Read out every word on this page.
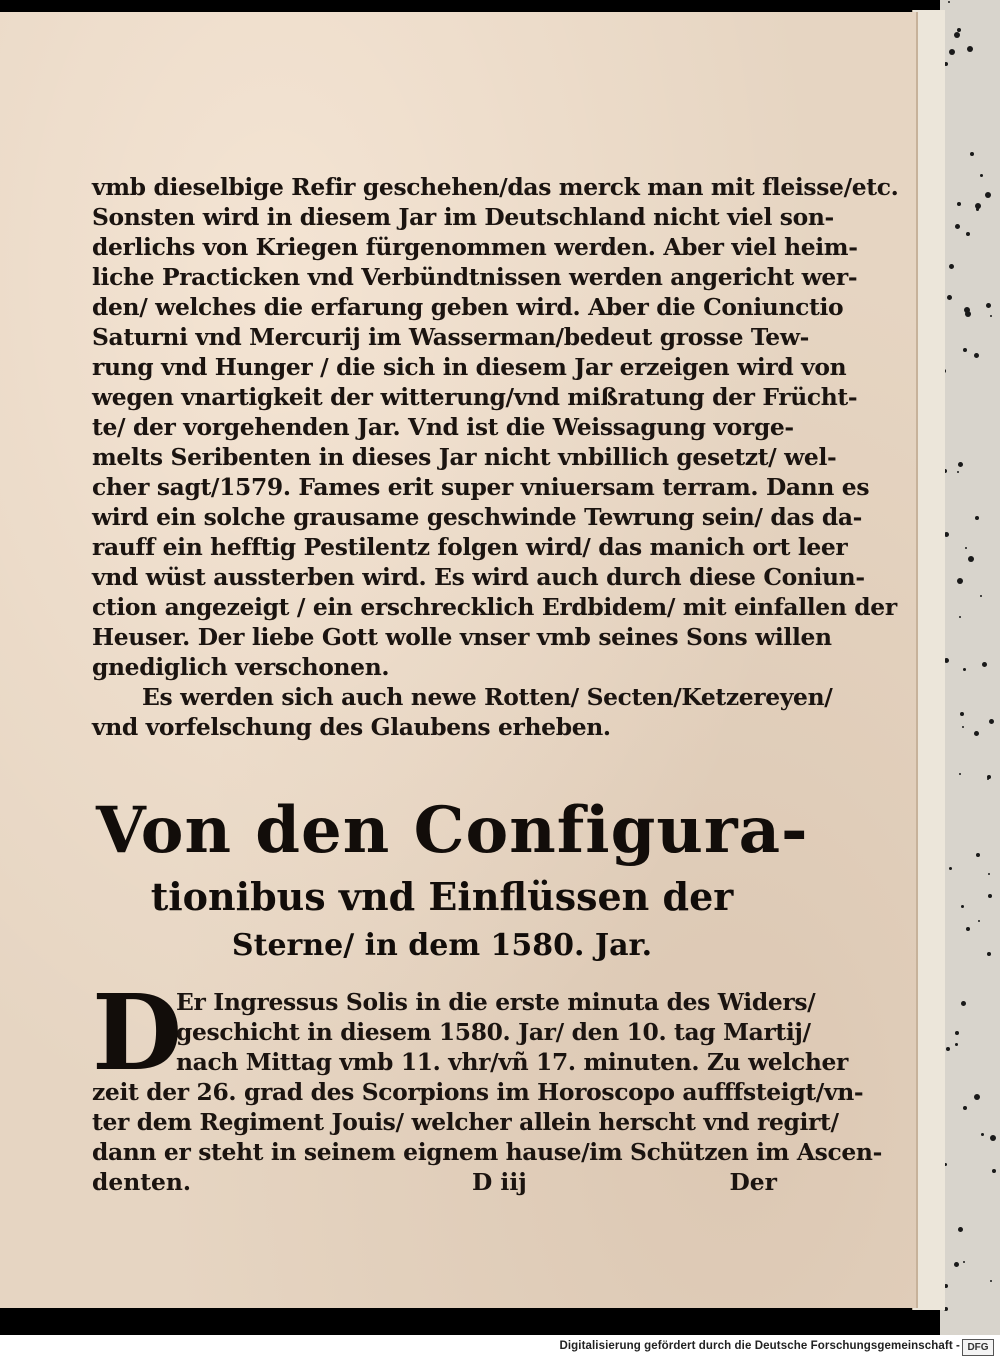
vmb dieselbige Refir geschehen/das merck man mit fleisse/etc.
Sonsten wird in diesem Jar im Deutschland nicht viel son-
derlichs von Kriegen fürgenommen werden. Aber viel heim-
liche Practicken vnd Verbündtnissen werden angericht wer-
den/ welches die erfarung geben wird. Aber die Coniunctio
Saturni vnd Mercurij im Wasserman/bedeut grosse Tew-
rung vnd Hunger / die sich in diesem Jar erzeigen wird von
wegen vnartigkeit der witterung/vnd mißratung der Frücht-
te/ der vorgehenden Jar. Vnd ist die Weissagung vorge-
melts Seribenten in dieses Jar nicht vnbillich gesetzt/ wel-
cher sagt/1579. Fames erit super vniuersam terram. Dann es
wird ein solche grausame geschwinde Tewrung sein/ das da-
rauff ein hefftig Pestilentz folgen wird/ das manich ort leer
vnd wüst aussterben wird. Es wird auch durch diese Coniun-
ction angezeigt / ein erschrecklich Erdbidem/ mit einfallen der
Heuser. Der liebe Gott wolle vnser vmb seines Sons willen
gnediglich verschonen.
Es werden sich auch newe Rotten/ Secten/Ketzereyen/
vnd vorfelschung des Glaubens erheben.
Von den Configura-
tionibus vnd Einflüssen der
Sterne/ in dem 1580. Jar.
D
Er Ingressus Solis in die erste minuta des Widers/
geschicht in diesem 1580. Jar/ den 10. tag Martij/
nach Mittag vmb 11. vhr/vñ 17. minuten. Zu welcher
zeit der 26. grad des Scorpions im Horoscopo aufffsteigt/vn-
ter dem Regiment Jouis/ welcher allein herscht vnd regirt/
dann er steht in seinem eignem hause/im Schützen im Ascen-
denten.	D iij	Der
Digitalisierung gefördert durch die Deutsche Forschungsgemeinschaft - DFG
